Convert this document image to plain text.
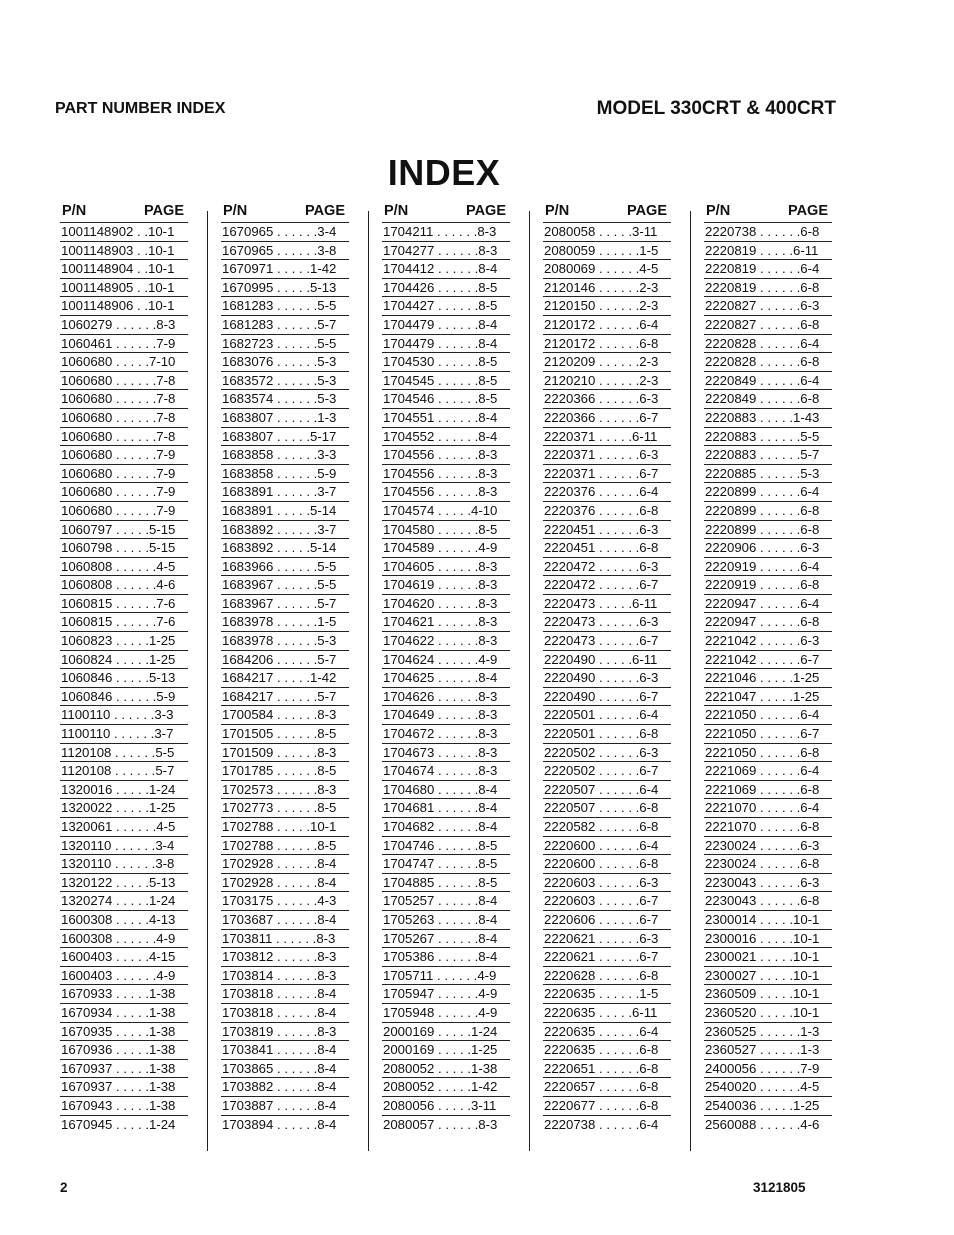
PART NUMBER INDEX	MODEL 330CRT & 400CRT
INDEX
P/N	PAGE
1001148902 . .10-1
1001148903 . .10-1
1001148904 . .10-1
1001148905 . .10-1
1001148906 . .10-1
1060279 . . . . . .8-3
1060461 . . . . . .7-9
1060680 . . . . .7-10
1060680 . . . . . .7-8
1060680 . . . . . .7-8
1060680 . . . . . .7-8
1060680 . . . . . .7-8
1060680 . . . . . .7-9
1060680 . . . . . .7-9
1060680 . . . . . .7-9
1060680 . . . . . .7-9
1060797 . . . . .5-15
1060798 . . . . .5-15
1060808 . . . . . .4-5
1060808 . . . . . .4-6
1060815 . . . . . .7-6
1060815 . . . . . .7-6
1060823 . . . . .1-25
1060824 . . . . .1-25
1060846 . . . . .5-13
1060846 . . . . . .5-9
1100110 . . . . . .3-3
1100110 . . . . . .3-7
1120108 . . . . . .5-5
1120108 . . . . . .5-7
1320016 . . . . .1-24
1320022 . . . . .1-25
1320061 . . . . . .4-5
1320110 . . . . . .3-4
1320110 . . . . . .3-8
1320122 . . . . .5-13
1320274 . . . . .1-24
1600308 . . . . .4-13
1600308 . . . . . .4-9
1600403 . . . . .4-15
1600403 . . . . . .4-9
1670933 . . . . .1-38
1670934 . . . . .1-38
1670935 . . . . .1-38
1670936 . . . . .1-38
1670937 . . . . .1-38
1670937 . . . . .1-38
1670943 . . . . .1-38
1670945 . . . . .1-24
P/N	PAGE
1670965 . . . . . .3-4
1670965 . . . . . .3-8
1670971 . . . . .1-42
1670995 . . . . .5-13
1681283 . . . . . .5-5
1681283 . . . . . .5-7
1682723 . . . . . .5-5
1683076 . . . . . .5-3
1683572 . . . . . .5-3
1683574 . . . . . .5-3
1683807 . . . . . .1-3
1683807 . . . . .5-17
1683858 . . . . . .3-3
1683858 . . . . . .5-9
1683891 . . . . . .3-7
1683891 . . . . .5-14
1683892 . . . . . .3-7
1683892 . . . . .5-14
1683966 . . . . . .5-5
1683967 . . . . . .5-5
1683967 . . . . . .5-7
1683978 . . . . . .1-5
1683978 . . . . . .5-3
1684206 . . . . . .5-7
1684217 . . . . .1-42
1684217 . . . . . .5-7
1700584 . . . . . .8-3
1701505 . . . . . .8-5
1701509 . . . . . .8-3
1701785 . . . . . .8-5
1702573 . . . . . .8-3
1702773 . . . . . .8-5
1702788 . . . . .10-1
1702788 . . . . . .8-5
1702928 . . . . . .8-4
1702928 . . . . . .8-4
1703175 . . . . . .4-3
1703687 . . . . . .8-4
1703811 . . . . . .8-3
1703812 . . . . . .8-3
1703814 . . . . . .8-3
1703818 . . . . . .8-4
1703818 . . . . . .8-4
1703819 . . . . . .8-3
1703841 . . . . . .8-4
1703865 . . . . . .8-4
1703882 . . . . . .8-4
1703887 . . . . . .8-4
1703894 . . . . . .8-4
P/N	PAGE
1704211 . . . . . .8-3
1704277 . . . . . .8-3
1704412 . . . . . .8-4
1704426 . . . . . .8-5
1704427 . . . . . .8-5
1704479 . . . . . .8-4
1704479 . . . . . .8-4
1704530 . . . . . .8-5
1704545 . . . . . .8-5
1704546 . . . . . .8-5
1704551 . . . . . .8-4
1704552 . . . . . .8-4
1704556 . . . . . .8-3
1704556 . . . . . .8-3
1704556 . . . . . .8-3
1704574 . . . . .4-10
1704580 . . . . . .8-5
1704589 . . . . . .4-9
1704605 . . . . . .8-3
1704619 . . . . . .8-3
1704620 . . . . . .8-3
1704621 . . . . . .8-3
1704622 . . . . . .8-3
1704624 . . . . . .4-9
1704625 . . . . . .8-4
1704626 . . . . . .8-3
1704649 . . . . . .8-3
1704672 . . . . . .8-3
1704673 . . . . . .8-3
1704674 . . . . . .8-3
1704680 . . . . . .8-4
1704681 . . . . . .8-4
1704682 . . . . . .8-4
1704746 . . . . . .8-5
1704747 . . . . . .8-5
1704885 . . . . . .8-5
1705257 . . . . . .8-4
1705263 . . . . . .8-4
1705267 . . . . . .8-4
1705386 . . . . . .8-4
1705711 . . . . . .4-9
1705947 . . . . . .4-9
1705948 . . . . . .4-9
2000169 . . . . .1-24
2000169 . . . . .1-25
2080052 . . . . .1-38
2080052 . . . . .1-42
2080056 . . . . .3-11
2080057 . . . . . .8-3
P/N	PAGE
2080058 . . . . .3-11
2080059 . . . . . .1-5
2080069 . . . . . .4-5
2120146 . . . . . .2-3
2120150 . . . . . .2-3
2120172 . . . . . .6-4
2120172 . . . . . .6-8
2120209 . . . . . .2-3
2120210 . . . . . .2-3
2220366 . . . . . .6-3
2220366 . . . . . .6-7
2220371 . . . . .6-11
2220371 . . . . . .6-3
2220371 . . . . . .6-7
2220376 . . . . . .6-4
2220376 . . . . . .6-8
2220451 . . . . . .6-3
2220451 . . . . . .6-8
2220472 . . . . . .6-3
2220472 . . . . . .6-7
2220473 . . . . .6-11
2220473 . . . . . .6-3
2220473 . . . . . .6-7
2220490 . . . . .6-11
2220490 . . . . . .6-3
2220490 . . . . . .6-7
2220501 . . . . . .6-4
2220501 . . . . . .6-8
2220502 . . . . . .6-3
2220502 . . . . . .6-7
2220507 . . . . . .6-4
2220507 . . . . . .6-8
2220582 . . . . . .6-8
2220600 . . . . . .6-4
2220600 . . . . . .6-8
2220603 . . . . . .6-3
2220603 . . . . . .6-7
2220606 . . . . . .6-7
2220621 . . . . . .6-3
2220621 . . . . . .6-7
2220628 . . . . . .6-8
2220635 . . . . . .1-5
2220635 . . . . .6-11
2220635 . . . . . .6-4
2220635 . . . . . .6-8
2220651 . . . . . .6-8
2220657 . . . . . .6-8
2220677 . . . . . .6-8
2220738 . . . . . .6-4
P/N	PAGE
2220738 . . . . . .6-8
2220819 . . . . .6-11
2220819 . . . . . .6-4
2220819 . . . . . .6-8
2220827 . . . . . .6-3
2220827 . . . . . .6-8
2220828 . . . . . .6-4
2220828 . . . . . .6-8
2220849 . . . . . .6-4
2220849 . . . . . .6-8
2220883 . . . . .1-43
2220883 . . . . . .5-5
2220883 . . . . . .5-7
2220885 . . . . . .5-3
2220899 . . . . . .6-4
2220899 . . . . . .6-8
2220899 . . . . . .6-8
2220906 . . . . . .6-3
2220919 . . . . . .6-4
2220919 . . . . . .6-8
2220947 . . . . . .6-4
2220947 . . . . . .6-8
2221042 . . . . . .6-3
2221042 . . . . . .6-7
2221046 . . . . .1-25
2221047 . . . . .1-25
2221050 . . . . . .6-4
2221050 . . . . . .6-7
2221050 . . . . . .6-8
2221069 . . . . . .6-4
2221069 . . . . . .6-8
2221070 . . . . . .6-4
2221070 . . . . . .6-8
2230024 . . . . . .6-3
2230024 . . . . . .6-8
2230043 . . . . . .6-3
2230043 . . . . . .6-8
2300014 . . . . .10-1
2300016 . . . . .10-1
2300021 . . . . .10-1
2300027 . . . . .10-1
2360509 . . . . .10-1
2360520 . . . . .10-1
2360525 . . . . . .1-3
2360527 . . . . . .1-3
2400056 . . . . . .7-9
2540020 . . . . . .4-5
2540036 . . . . .1-25
2560088 . . . . . .4-6
2	3121805
